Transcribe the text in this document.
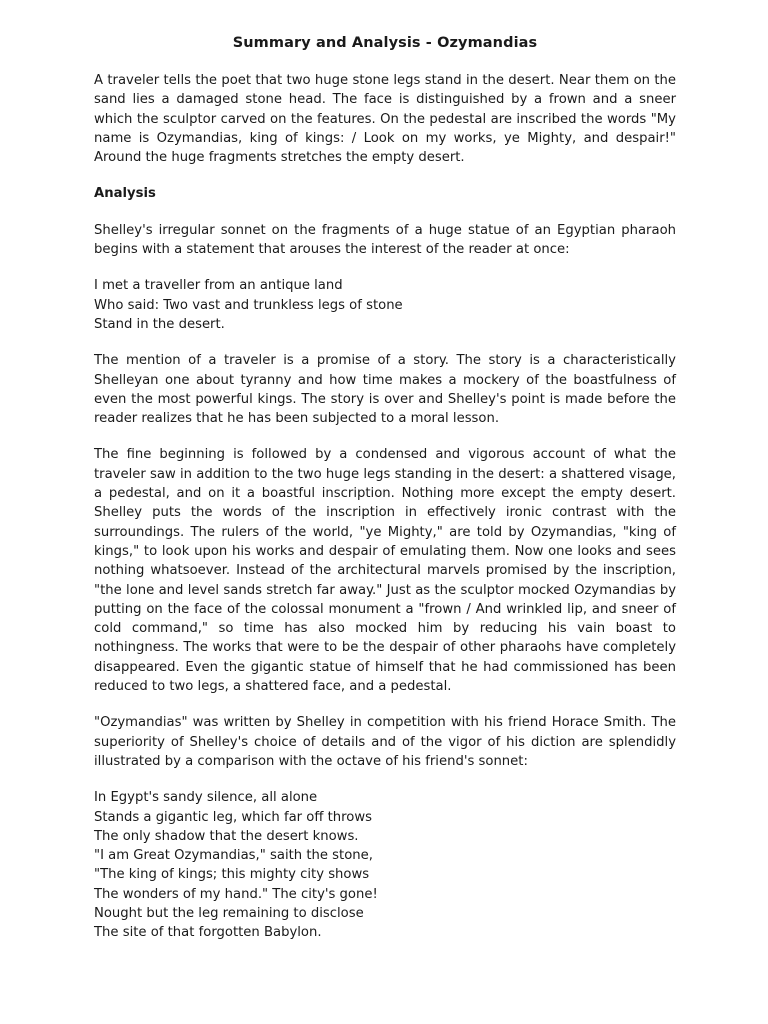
Summary and Analysis - Ozymandias

A traveler tells the poet that two huge stone legs stand in the desert. Near them on the sand lies a damaged stone head. The face is distinguished by a frown and a sneer which the sculptor carved on the features. On the pedestal are inscribed the words "My name is Ozymandias, king of kings: / Look on my works, ye Mighty, and despair!" Around the huge fragments stretches the empty desert.

Analysis

Shelley's irregular sonnet on the fragments of a huge statue of an Egyptian pharaoh begins with a statement that arouses the interest of the reader at once:

I met a traveller from an antique land
Who said: Two vast and trunkless legs of stone
Stand in the desert.

The mention of a traveler is a promise of a story. The story is a characteristically Shelleyan one about tyranny and how time makes a mockery of the boastfulness of even the most powerful kings. The story is over and Shelley's point is made before the reader realizes that he has been subjected to a moral lesson.

The fine beginning is followed by a condensed and vigorous account of what the traveler saw in addition to the two huge legs standing in the desert: a shattered visage, a pedestal, and on it a boastful inscription. Nothing more except the empty desert. Shelley puts the words of the inscription in effectively ironic contrast with the surroundings. The rulers of the world, "ye Mighty," are told by Ozymandias, "king of kings," to look upon his works and despair of emulating them. Now one looks and sees nothing whatsoever. Instead of the architectural marvels promised by the inscription, "the lone and level sands stretch far away." Just as the sculptor mocked Ozymandias by putting on the face of the colossal monument a "frown / And wrinkled lip, and sneer of cold command," so time has also mocked him by reducing his vain boast to nothingness. The works that were to be the despair of other pharaohs have completely disappeared. Even the gigantic statue of himself that he had commissioned has been reduced to two legs, a shattered face, and a pedestal.

"Ozymandias" was written by Shelley in competition with his friend Horace Smith. The superiority of Shelley's choice of details and of the vigor of his diction are splendidly illustrated by a comparison with the octave of his friend's sonnet:

In Egypt's sandy silence, all alone
Stands a gigantic leg, which far off throws
The only shadow that the desert knows.
"I am Great Ozymandias," saith the stone,
"The king of kings; this mighty city shows
The wonders of my hand." The city's gone!
Nought but the leg remaining to disclose
The site of that forgotten Babylon.
